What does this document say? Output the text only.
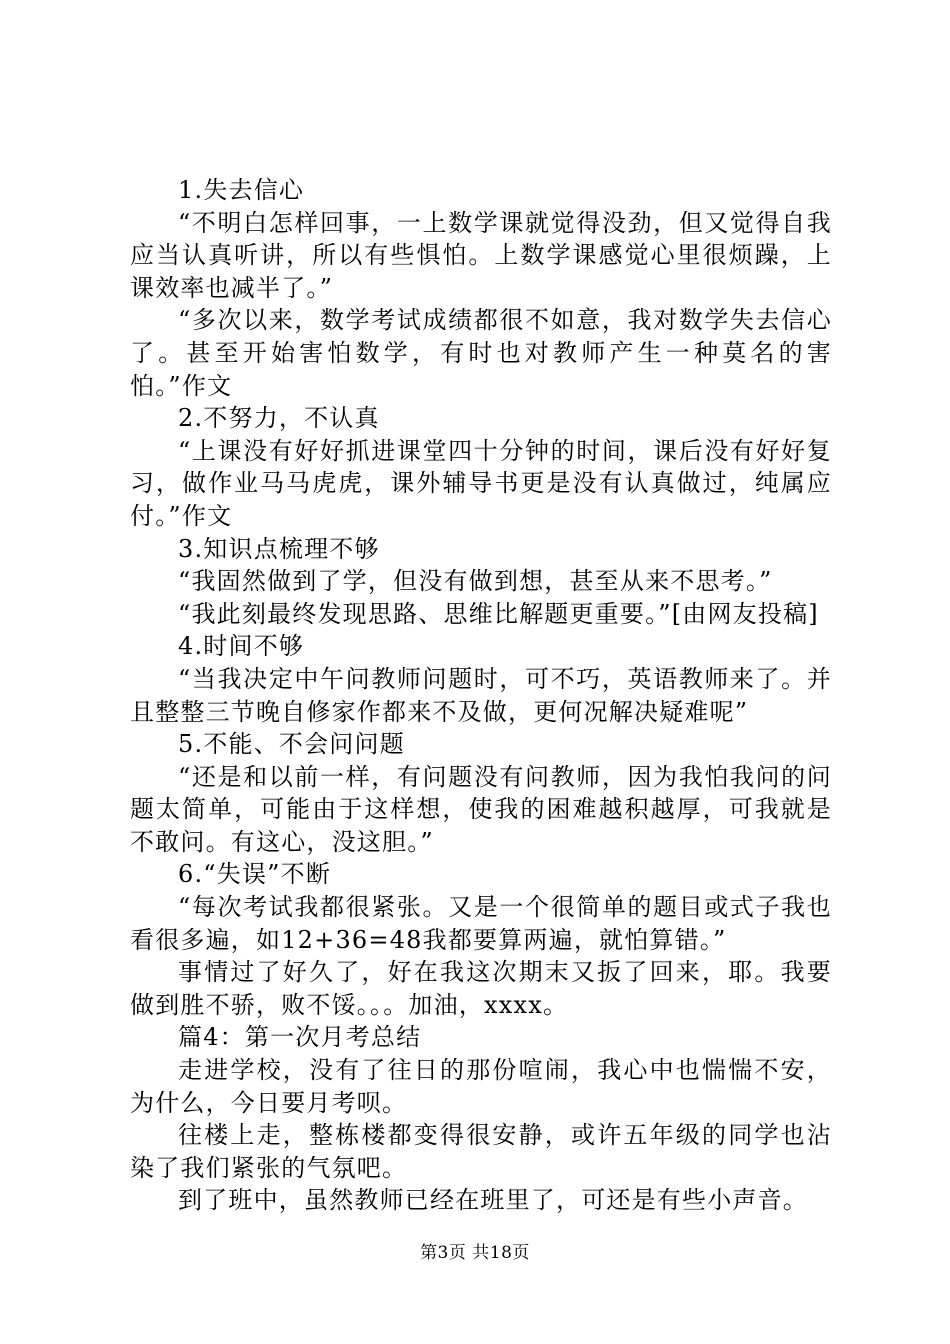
1.失去信心

“不明白怎样回事，一上数学课就觉得没劲，但又觉得自我应当认真听讲，所以有些惧怕。上数学课感觉心里很烦躁，上课效率也减半了。”

“多次以来，数学考试成绩都很不如意，我对数学失去信心了。甚至开始害怕数学，有时也对教师产生一种莫名的害怕。”作文

2.不努力，不认真

“上课没有好好抓进课堂四十分钟的时间，课后没有好好复习，做作业马马虎虎，课外辅导书更是没有认真做过，纯属应付。”作文

3.知识点梳理不够

“我固然做到了学，但没有做到想，甚至从来不思考。”

“我此刻最终发现思路、思维比解题更重要。”[由网友投稿]

4.时间不够

“当我决定中午问教师问题时，可不巧，英语教师来了。并且整整三节晚自修家作都来不及做，更何况解决疑难呢”

5.不能、不会问问题

“还是和以前一样，有问题没有问教师，因为我怕我问的问题太简单，可能由于这样想，使我的困难越积越厚，可我就是不敢问。有这心，没这胆。”

6.“失误”不断

“每次考试我都很紧张。又是一个很简单的题目或式子我也看很多遍，如12+36=48我都要算两遍，就怕算错。”

事情过了好久了，好在我这次期末又扳了回来，耶。我要做到胜不骄，败不馁。。。加油，xxxx。

篇4：第一次月考总结

走进学校，没有了往日的那份喧闹，我心中也惴惴不安，为什么，今日要月考呗。

往楼上走，整栋楼都变得很安静，或许五年级的同学也沾染了我们紧张的气氛吧。

到了班中，虽然教师已经在班里了，可还是有些小声音。

第3页 共18页
